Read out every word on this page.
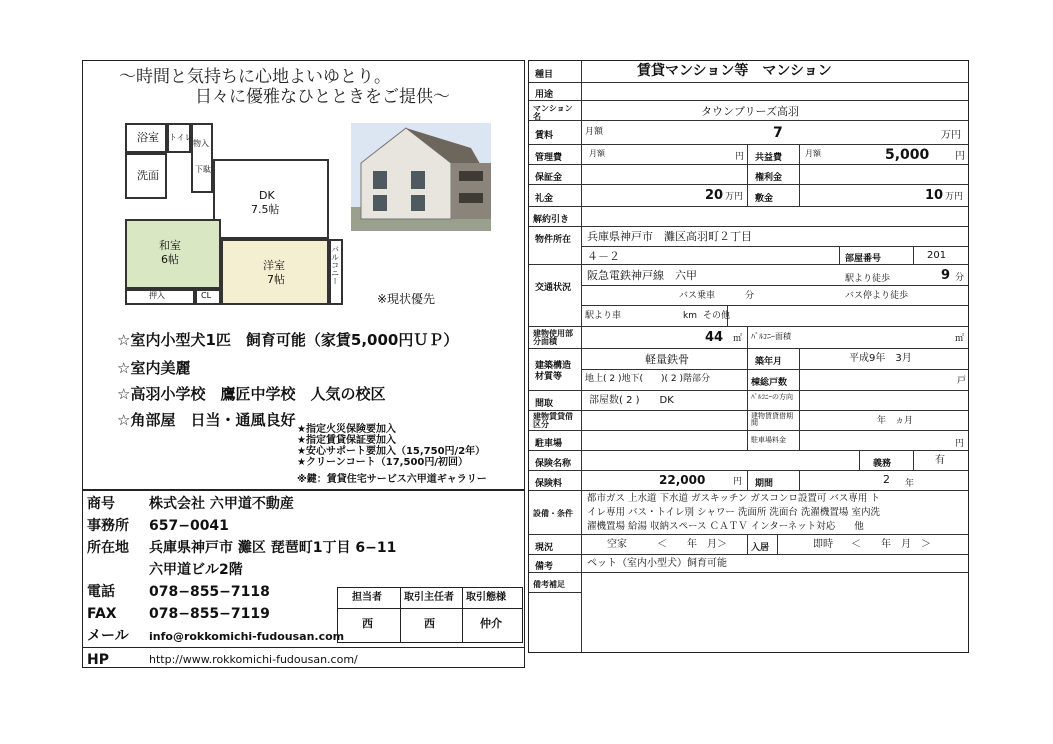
～時間と気持ちに心地よいゆとり。
日々に優雅なひとときをご提供～
浴室
洗面
トイレ
物入
下駄
DK
7.5帖
和室
6帖	洋室
7帖	バルコニー
押入	CL	※現状優先
☆室内小型犬1匹　飼育可能（家賃5,000円ＵＰ）
☆室内美麗
☆高羽小学校　鷹匠中学校　人気の校区
☆角部屋　日当・通風良好
★指定火災保険要加入
★指定賃貸保証要加入
★安心サポート要加入（15,750円/2年）
★クリーンコート（17,500円/初回）
※鍵：賃貸住宅サービス六甲道ギャラリー
商号 株式会社 六甲道不動産
事務所 657−0041
所在地 兵庫県神戸市 灘区 琵琶町1丁目 6−11
六甲道ビル2階
電話 078−855−7118
FAX 078−855−7119
メール info@rokkomichi-fudousan.com
HP	http://www.rokkomichi-fudousan.com/
担当者 取引主任者 取引態様
西	西	仲介
種目	賃貸マンション等　マンション
用途
マンション名	タウンブリーズ高羽
賃料	月額	7	万円
管理費	月額	円 共益費	月額	5,000	円
保証金	権利金
礼金	20 万円 敷金	10 万円
解約引き
物件所在	兵庫県神戸市　灘区高羽町２丁目
４－２	部屋番号	201
交通状況
阪急電鉄神戸線　六甲	駅より徒歩	9 分
バス乗車	分	バス停より徒歩
駅より車	km その他
建物使用部分面積	44 ㎡ ﾊﾞﾙｺﾆｰ面積	㎡
建築構造材質等
軽量鉄骨	築年月	平成9年　3月
地上( 2 )地下(　　)( 2 )階部分	棟総戸数	戸
間取	部屋数( 2 )　　DK	ﾊﾞﾙｺﾆｰの方向
建物賃貸借区分
建物賃貸借期間	年　ヵ月
駐車場	駐車場料金	円
保険名称	義務	有
保険料	22,000	円 期間	2 年
設備・条件
都市ガス 上水道 下水道 ガスキッチン ガスコンロ設置可 バス専用 ト
イレ専用 バス・トイレ別 シャワー 洗面所 洗面台 洗濯機置場 室内洗
濯機置場 給湯 収納スペース ＣＡＴＶ インターネット対応　　他
現況	空家	＜　　年　月＞	入居	即時 ＜　　年　月　＞
備考	ペット（室内小型犬）飼育可能
備考補足
